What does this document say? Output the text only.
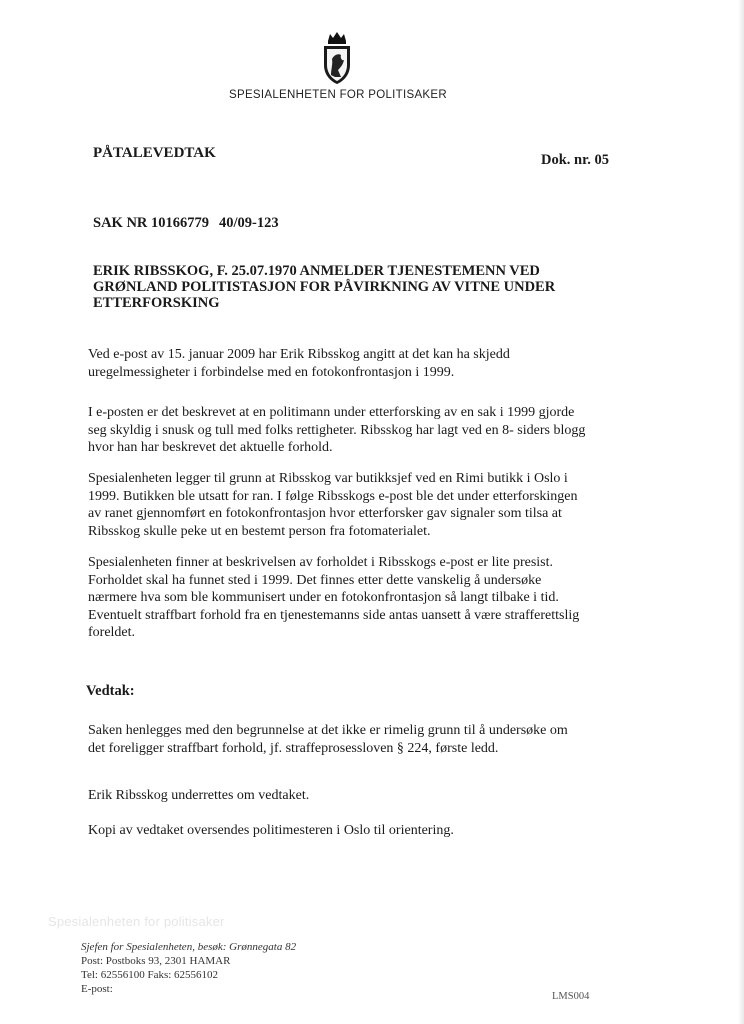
SPESIALENHETEN FOR POLITISAKER
PÅTALEVEDTAK	Dok. nr. 05
SAK NR 10166779 40/09-123
ERIK RIBSSKOG, F. 25.07.1970 ANMELDER TJENESTEMENN VED
GRØNLAND POLITISTASJON FOR PÅVIRKNING AV VITNE UNDER
ETTERFORSKING

Ved e-post av 15. januar 2009 har Erik Ribsskog angitt at det kan ha skjedd
uregelmessigheter i forbindelse med en fotokonfrontasjon i 1999.

I e-posten er det beskrevet at en politimann under etterforsking av en sak i 1999 gjorde
seg skyldig i snusk og tull med folks rettigheter. Ribsskog har lagt ved en 8- siders blogg
hvor han har beskrevet det aktuelle forhold.

Spesialenheten legger til grunn at Ribsskog var butikksjef ved en Rimi butikk i Oslo i
1999. Butikken ble utsatt for ran. I følge Ribsskogs e-post ble det under etterforskingen
av ranet gjennomført en fotokonfrontasjon hvor etterforsker gav signaler som tilsa at
Ribsskog skulle peke ut en bestemt person fra fotomaterialet.

Spesialenheten finner at beskrivelsen av forholdet i Ribsskogs e-post er lite presist.
Forholdet skal ha funnet sted i 1999. Det finnes etter dette vanskelig å undersøke
nærmere hva som ble kommunisert under en fotokonfrontasjon så langt tilbake i tid.
Eventuelt straffbart forhold fra en tjenestemanns side antas uansett å være strafferettslig
foreldet.

Vedtak:

Saken henlegges med den begrunnelse at det ikke er rimelig grunn til å undersøke om
det foreligger straffbart forhold, jf. straffeprosessloven § 224, første ledd.

Erik Ribsskog underrettes om vedtaket.

Kopi av vedtaket oversendes politimesteren i Oslo til orientering.

Spesialenheten for politisaker
Sjefen for Spesialenheten, besøk: Grønnegata 82
Post: Postboks 93, 2301 HAMAR
Tel: 62556100 Faks: 62556102
E-post:
LMS004
